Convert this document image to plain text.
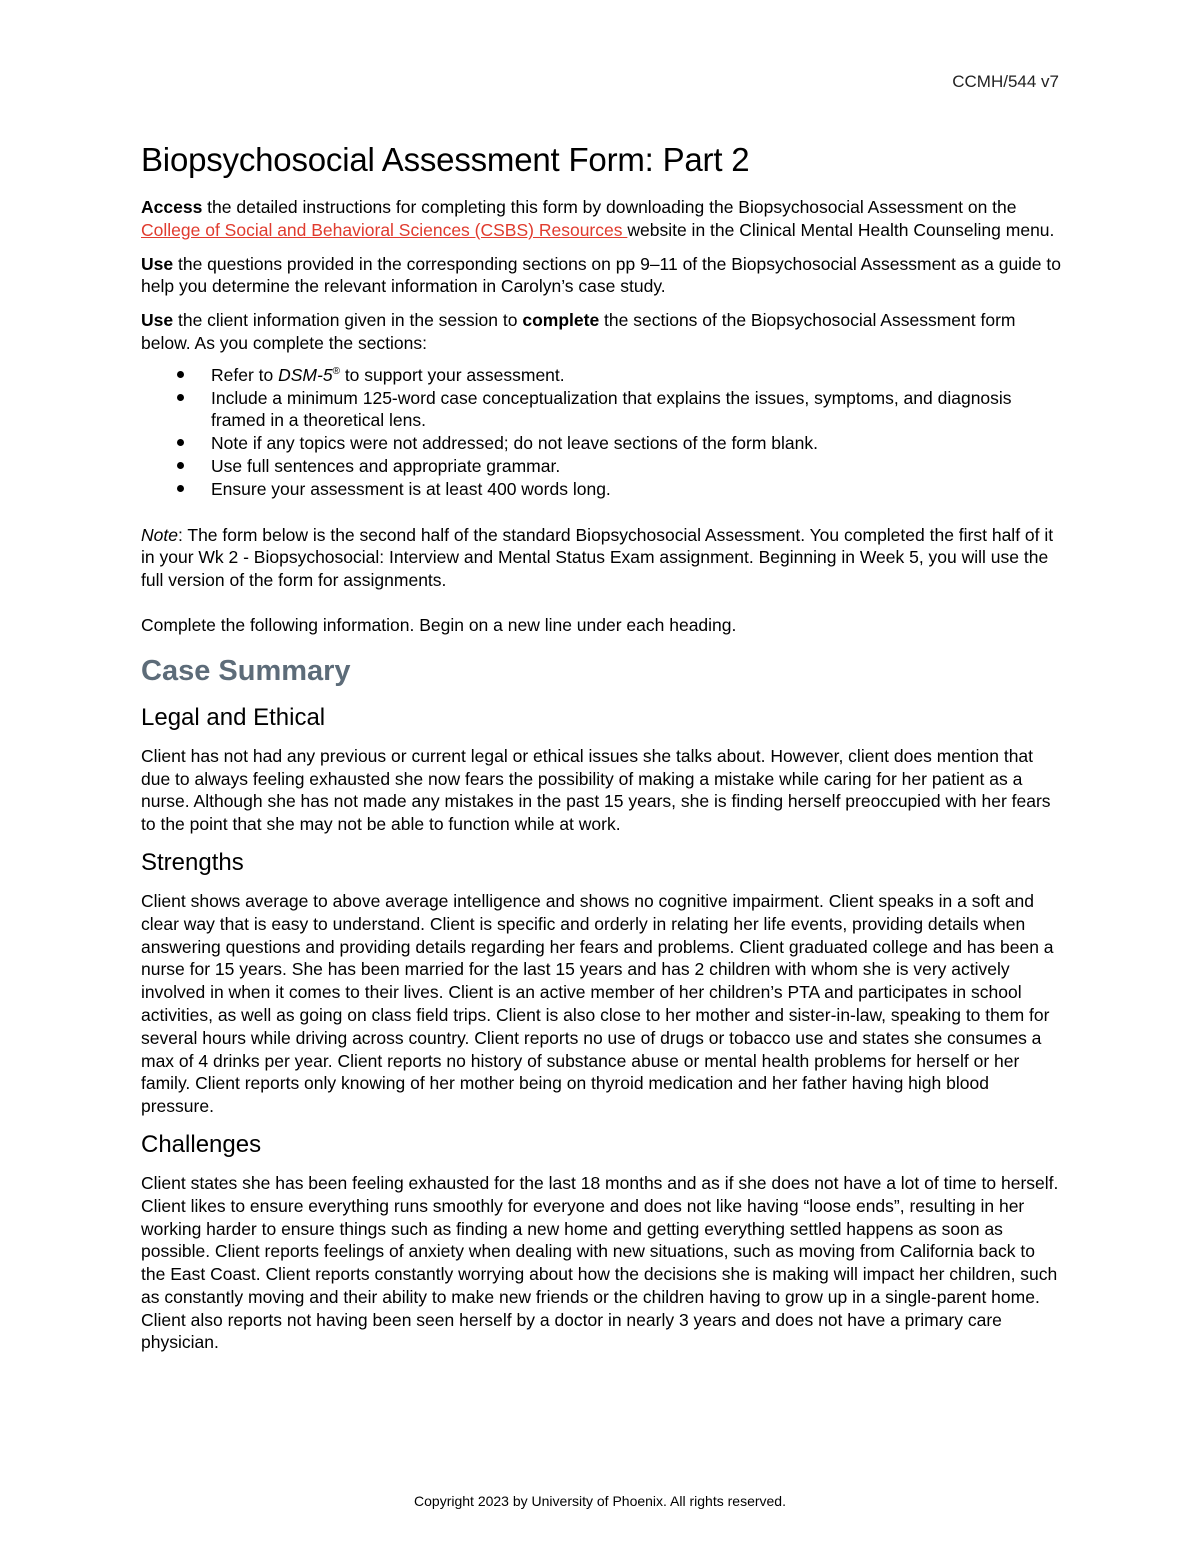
CCMH/544 v7
Biopsychosocial Assessment Form: Part 2

Access the detailed instructions for completing this form by downloading the Biopsychosocial Assessment on the College of Social and Behavioral Sciences (CSBS) Resources website in the Clinical Mental Health Counseling menu.

Use the questions provided in the corresponding sections on pp 9–11 of the Biopsychosocial Assessment as a guide to help you determine the relevant information in Carolyn’s case study.

Use the client information given in the session to complete the sections of the Biopsychosocial Assessment form below. As you complete the sections:

Refer to DSM-5® to support your assessment.
Include a minimum 125-word case conceptualization that explains the issues, symptoms, and diagnosis framed in a theoretical lens.
Note if any topics were not addressed; do not leave sections of the form blank.
Use full sentences and appropriate grammar.
Ensure your assessment is at least 400 words long.

Note: The form below is the second half of the standard Biopsychosocial Assessment. You completed the first half of it in your Wk 2 - Biopsychosocial: Interview and Mental Status Exam assignment. Beginning in Week 5, you will use the full version of the form for assignments.

Complete the following information. Begin on a new line under each heading.

Case Summary
Legal and Ethical

Client has not had any previous or current legal or ethical issues she talks about. However, client does mention that due to always feeling exhausted she now fears the possibility of making a mistake while caring for her patient as a nurse. Although she has not made any mistakes in the past 15 years, she is finding herself preoccupied with her fears to the point that she may not be able to function while at work.

Strengths

Client shows average to above average intelligence and shows no cognitive impairment. Client speaks in a soft and clear way that is easy to understand. Client is specific and orderly in relating her life events, providing details when answering questions and providing details regarding her fears and problems. Client graduated college and has been a nurse for 15 years. She has been married for the last 15 years and has 2 children with whom she is very actively involved in when it comes to their lives. Client is an active member of her children’s PTA and participates in school activities, as well as going on class field trips. Client is also close to her mother and sister-in-law, speaking to them for several hours while driving across country. Client reports no use of drugs or tobacco use and states she consumes a max of 4 drinks per year. Client reports no history of substance abuse or mental health problems for herself or her family. Client reports only knowing of her mother being on thyroid medication and her father having high blood pressure.

Challenges

Client states she has been feeling exhausted for the last 18 months and as if she does not have a lot of time to herself. Client likes to ensure everything runs smoothly for everyone and does not like having “loose ends”, resulting in her working harder to ensure things such as finding a new home and getting everything settled happens as soon as possible. Client reports feelings of anxiety when dealing with new situations, such as moving from California back to the East Coast. Client reports constantly worrying about how the decisions she is making will impact her children, such as constantly moving and their ability to make new friends or the children having to grow up in a single-parent home. Client also reports not having been seen herself by a doctor in nearly 3 years and does not have a primary care physician.

Copyright 2023 by University of Phoenix. All rights reserved.
